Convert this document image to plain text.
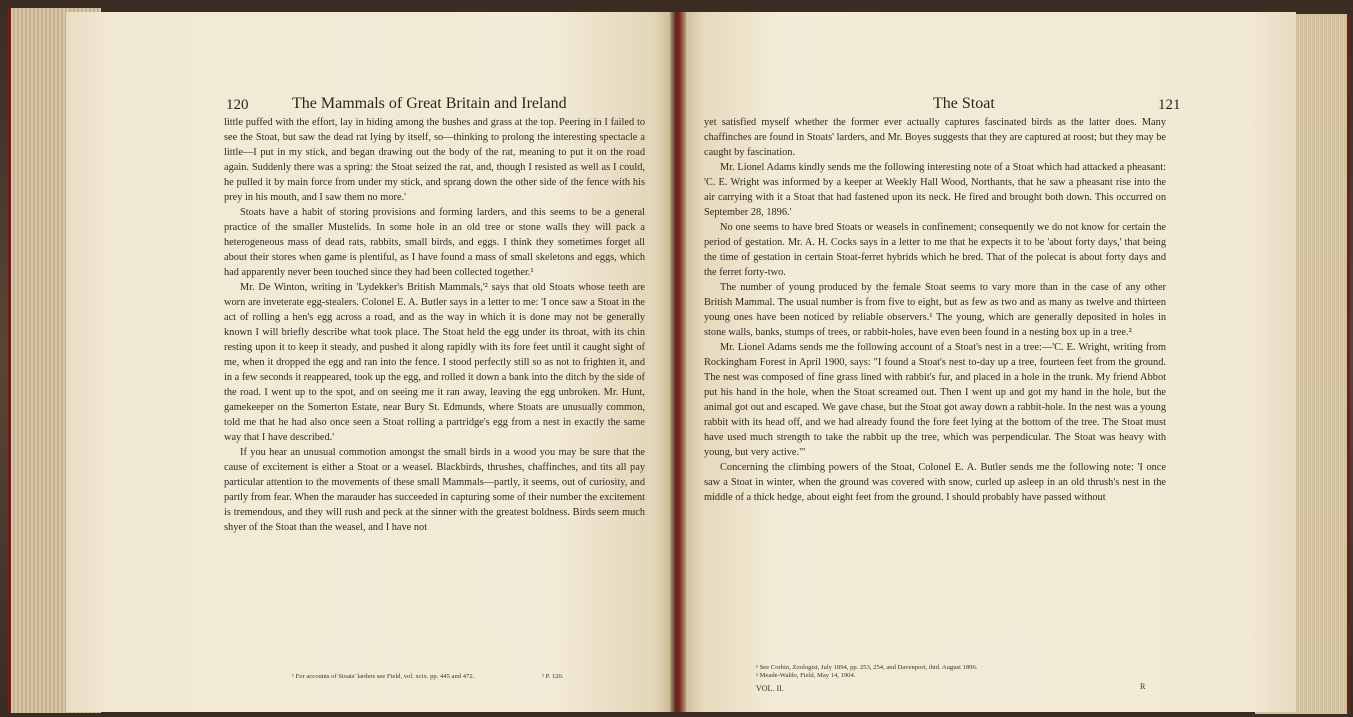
120	The Mammals of Great Britain and Ireland	The Stoat	121

little puffed with the effort, lay in hiding among the bushes and grass at the top. Peering in I failed to see the Stoat, but saw the dead rat lying by itself, so—thinking to prolong the interesting spectacle a little—I put in my stick, and began drawing out the body of the rat, meaning to put it on the road again. Suddenly there was a spring: the Stoat seized the rat, and, though I resisted as well as I could, he pulled it by main force from under my stick, and sprang down the other side of the fence with his prey in his mouth, and I saw them no more.'

Stoats have a habit of storing provisions and forming larders, and this seems to be a general practice of the smaller Mustelids. In some hole in an old tree or stone walls they will pack a heterogeneous mass of dead rats, rabbits, small birds, and eggs. I think they sometimes forget all about their stores when game is plentiful, as I have found a mass of small skeletons and eggs, which had apparently never been touched since they had been collected together.¹

Mr. De Winton, writing in 'Lydekker's British Mammals,'² says that old Stoats whose teeth are worn are inveterate egg-stealers. Colonel E. A. Butler says in a letter to me: 'I once saw a Stoat in the act of rolling a hen's egg across a road, and as the way in which it is done may not be generally known I will briefly describe what took place. The Stoat held the egg under its throat, with its chin resting upon it to keep it steady, and pushed it along rapidly with its fore feet until it caught sight of me, when it dropped the egg and ran into the fence. I stood perfectly still so as not to frighten it, and in a few seconds it reappeared, took up the egg, and rolled it down a bank into the ditch by the side of the road. I went up to the spot, and on seeing me it ran away, leaving the egg unbroken. Mr. Hunt, gamekeeper on the Somerton Estate, near Bury St. Edmunds, where Stoats are unusually common, told me that he had also once seen a Stoat rolling a partridge's egg from a nest in exactly the same way that I have described.'

If you hear an unusual commotion amongst the small birds in a wood you may be sure that the cause of excitement is either a Stoat or a weasel. Blackbirds, thrushes, chaffinches, and tits all pay particular attention to the movements of these small Mammals—partly, it seems, out of curiosity, and partly from fear. When the marauder has succeeded in capturing some of their number the excitement is tremendous, and they will rush and peck at the sinner with the greatest boldness. Birds seem much shyer of the Stoat than the weasel, and I have not

¹ For accounts of Stoats' larders see Field, vol. xcix. pp. 445 and 472.	² P. 120.

yet satisfied myself whether the former ever actually captures fascinated birds as the latter does. Many chaffinches are found in Stoats' larders, and Mr. Boyes suggests that they are captured at roost; but they may be caught by fascination.

Mr. Lionel Adams kindly sends me the following interesting note of a Stoat which had attacked a pheasant: 'C. E. Wright was informed by a keeper at Weekly Hall Wood, Northants, that he saw a pheasant rise into the air carrying with it a Stoat that had fastened upon its neck. He fired and brought both down. This occurred on September 28, 1896.'

No one seems to have bred Stoats or weasels in confinement; consequently we do not know for certain the period of gestation. Mr. A. H. Cocks says in a letter to me that he expects it to be 'about forty days,' that being the time of gestation in certain Stoat-ferret hybrids which he bred. That of the polecat is about forty days and the ferret forty-two.

The number of young produced by the female Stoat seems to vary more than in the case of any other British Mammal. The usual number is from five to eight, but as few as two and as many as twelve and thirteen young ones have been noticed by reliable observers.¹ The young, which are generally deposited in holes in stone walls, banks, stumps of trees, or rabbit-holes, have even been found in a nesting box up in a tree.²

Mr. Lionel Adams sends me the following account of a Stoat's nest in a tree:—'C. E. Wright, writing from Rockingham Forest in April 1900, says: "I found a Stoat's nest to-day up a tree, fourteen feet from the ground. The nest was composed of fine grass lined with rabbit's fur, and placed in a hole in the trunk. My friend Abbot put his hand in the hole, when the Stoat screamed out. Then I went up and got my hand in the hole, but the animal got out and escaped. We gave chase, but the Stoat got away down a rabbit-hole. In the nest was a young rabbit with its head off, and we had already found the fore feet lying at the bottom of the tree. The Stoat must have used much strength to take the rabbit up the tree, which was perpendicular. The Stoat was heavy with young, but very active."'

Concerning the climbing powers of the Stoat, Colonel E. A. Butler sends me the following note: 'I once saw a Stoat in winter, when the ground was covered with snow, curled up asleep in an old thrush's nest in the middle of a thick hedge, about eight feet from the ground. I should probably have passed without

¹ See Corbin, Zoologist, July 1894, pp. 253, 254, and Davenport, ibid. August 1896.
² Meade-Waldo, Field, May 14, 1904.
VOL. II.	R
